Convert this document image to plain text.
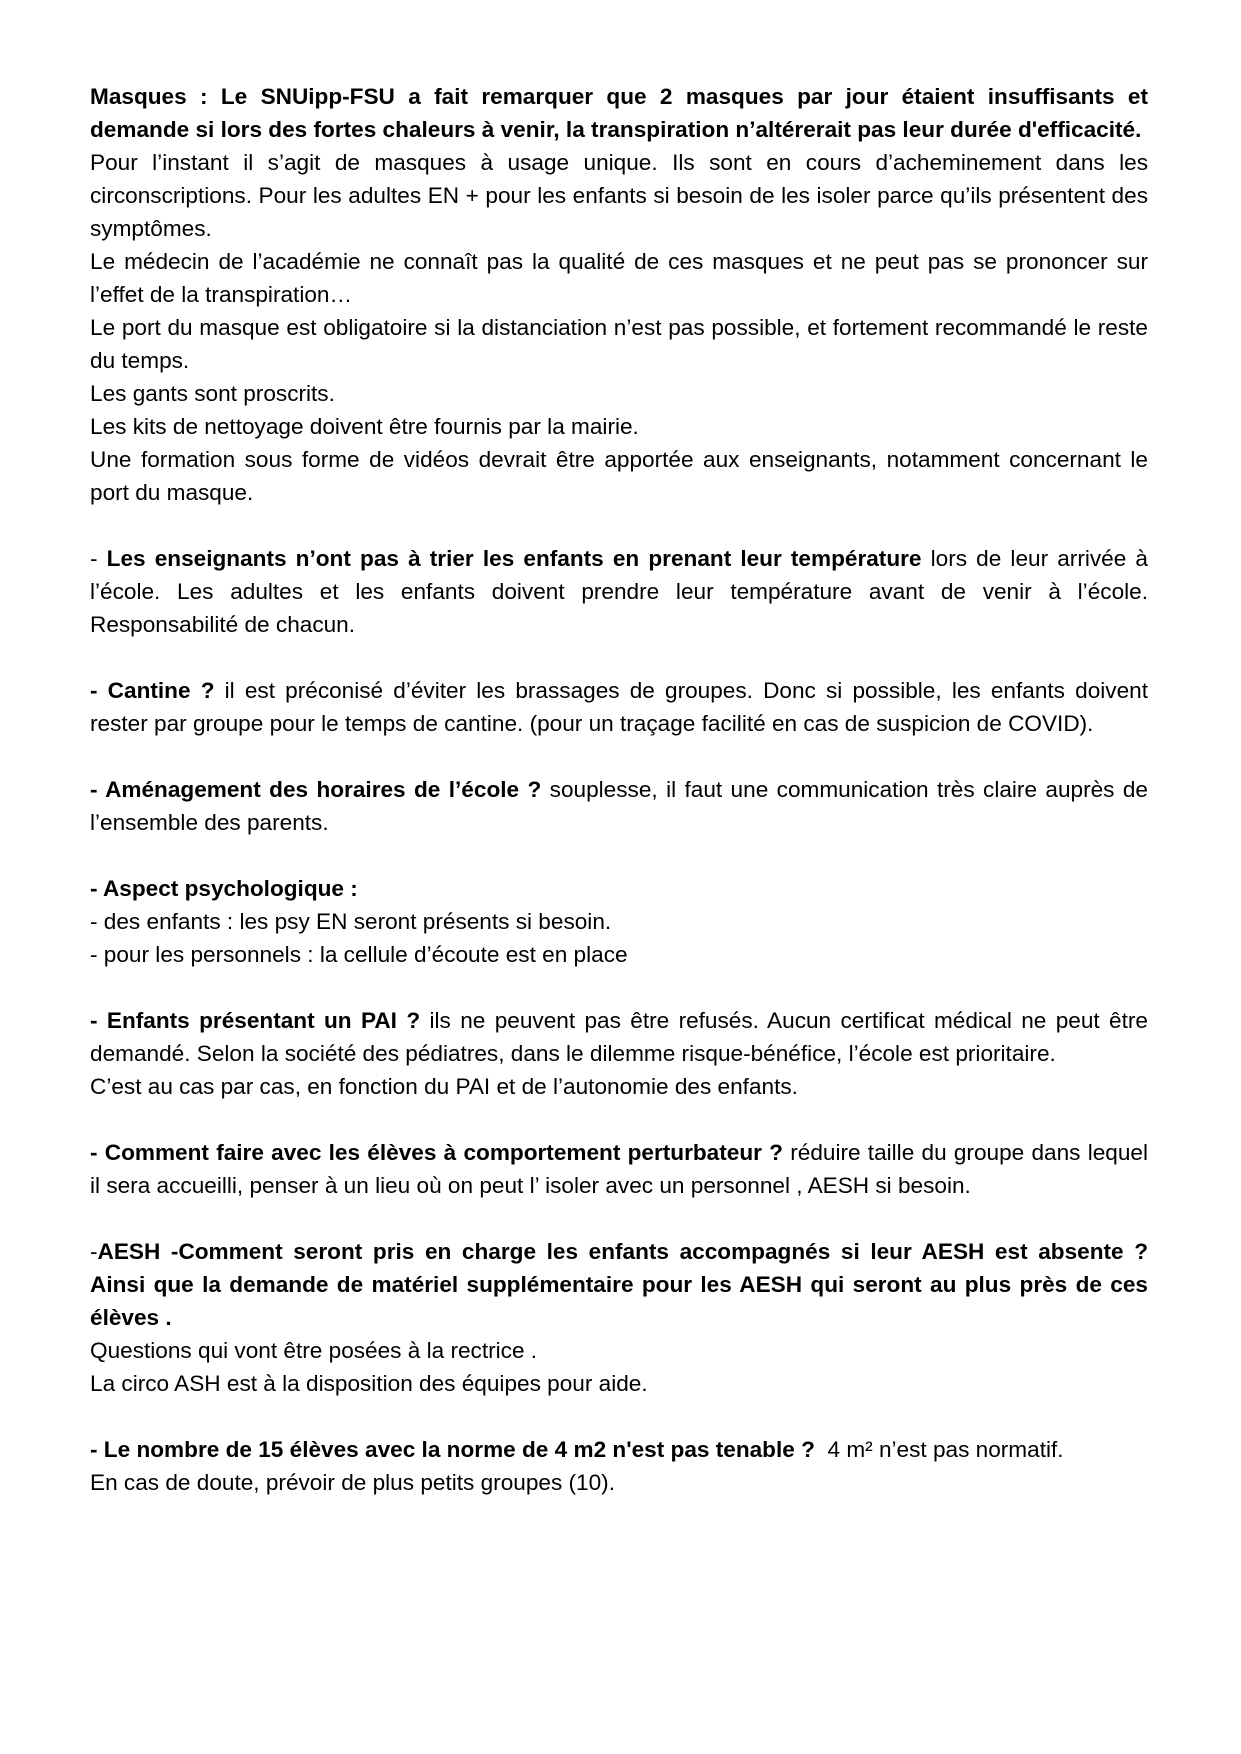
Masques : Le SNUipp-FSU a fait remarquer que 2 masques par jour étaient insuffisants et demande si lors des fortes chaleurs à venir, la transpiration n’altérerait pas leur durée d'efficacité.

Pour l’instant il s’agit de masques à usage unique. Ils sont en cours d’acheminement dans les circonscriptions. Pour les adultes EN + pour les enfants si besoin de les isoler parce qu’ils présentent des symptômes.

Le médecin de l’académie ne connaît pas la qualité de ces masques et ne peut pas se prononcer sur l’effet de la transpiration…

Le port du masque est obligatoire si la distanciation n’est pas possible, et fortement recommandé le reste du temps.

Les gants sont proscrits.

Les kits de nettoyage doivent être fournis par la mairie.

Une formation sous forme de vidéos devrait être apportée aux enseignants, notamment concernant le port du masque.

- Les enseignants n’ont pas à trier les enfants en prenant leur température lors de leur arrivée à l’école. Les adultes et les enfants doivent prendre leur température avant de venir à l’école. Responsabilité de chacun.

- Cantine ? il est préconisé d’éviter les brassages de groupes. Donc si possible, les enfants doivent rester par groupe pour le temps de cantine. (pour un traçage facilité en cas de suspicion de COVID).

- Aménagement des horaires de l’école ? souplesse, il faut une communication très claire auprès de l’ensemble des parents.

- Aspect psychologique :

- des enfants : les psy EN seront présents si besoin.

- pour les personnels : la cellule d’écoute est en place

- Enfants présentant un PAI ? ils ne peuvent pas être refusés. Aucun certificat médical ne peut être demandé. Selon la société des pédiatres, dans le dilemme risque-bénéfice, l’école est prioritaire.

C’est au cas par cas, en fonction du PAI et de l’autonomie des enfants.

- Comment faire avec les élèves à comportement perturbateur ? réduire taille du groupe dans lequel il sera accueilli, penser à un lieu où on peut l’ isoler avec un personnel , AESH si besoin.

-AESH -Comment seront pris en charge les enfants accompagnés si leur AESH est absente ? Ainsi que la demande de matériel supplémentaire pour les AESH qui seront au plus près de ces élèves .

Questions qui vont être posées à la rectrice .

La circo ASH est à la disposition des équipes pour aide.

- Le nombre de 15 élèves avec la norme de 4 m2 n'est pas tenable ?  4 m² n’est pas normatif.

En cas de doute, prévoir de plus petits groupes (10).
